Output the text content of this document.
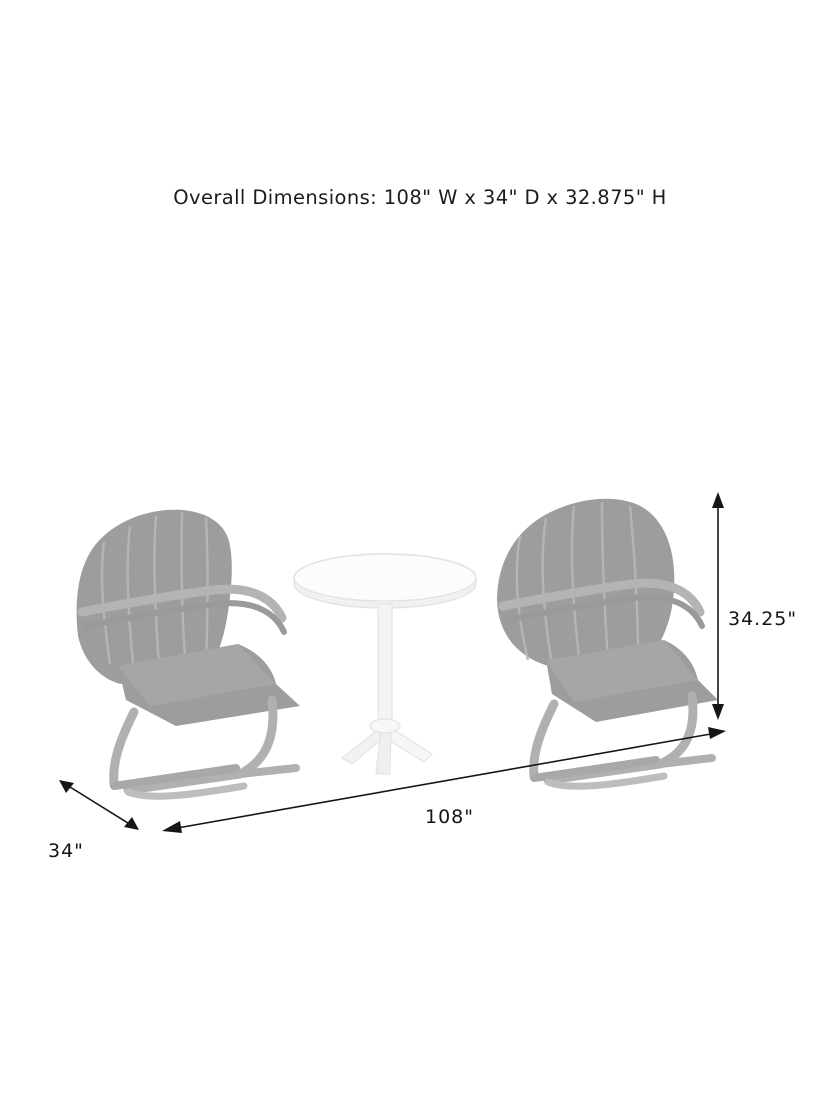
Overall Dimensions: 108" W x 34" D x 32.875" H
34.25"
108"
34"
